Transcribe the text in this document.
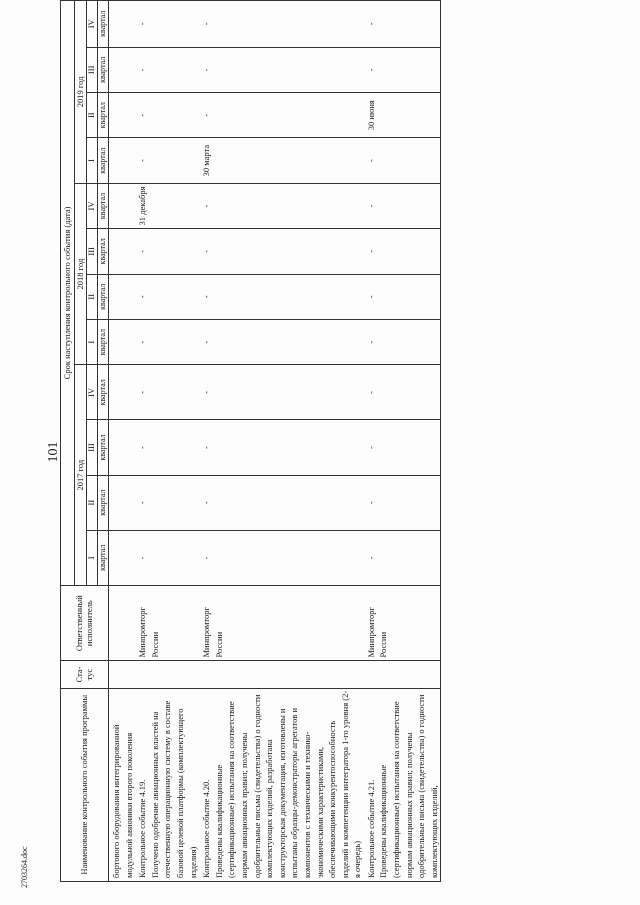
101
Наименование контрольного события программы	Ста-тус	Ответственный исполнитель	Срок наступления контрольного события (дата)											
			2017 год				2018 год				2019 год			
			I	II	III	IV	I	II	III	IV	I	II	III	IV
			квартал	квартал	квартал	квартал	квартал	квартал	квартал	квартал	квартал	квартал	квартал	квартал
бортового оборудования интегрированной модульной авионики второго поколения														

Контрольное событие 4.19. Получено одобрение авиационных властей на отечественную операционную систему в составе базовой целевой платформы (комплектующего изделия)		Минпромторг России	-	-	-	-	-	-	-	31 декабря	-	-	-	-

Контрольное событие 4.20. Проведены квалификационные (сертификационные) испытания на соответствие нормам авиационных правил; получены одобрительные письма (свидетельства) о годности комплектующих изделий, разработана конструкторская документация, изготовлены и испытаны образцы-демонстраторы агрегатов и компонентов с техническими и технико-экономическими характеристиками, обеспечивающими конкурентоспособность изделий и компетенции интегратора 1-го уровня (2-я очередь)		Минпромторг России	-	-	-	-	-	-	-	-	30 марта	-	-	-

Контрольное событие 4.21. Проведены квалификационные (сертификационные) испытания на соответствие нормам авиационных правил; получены одобрительные письма (свидетельства) о годности комплектующих изделий,		Минпромторг России	-	-	-	-	-	-	-	-	-	30 июня	-	-
2703264.doc
